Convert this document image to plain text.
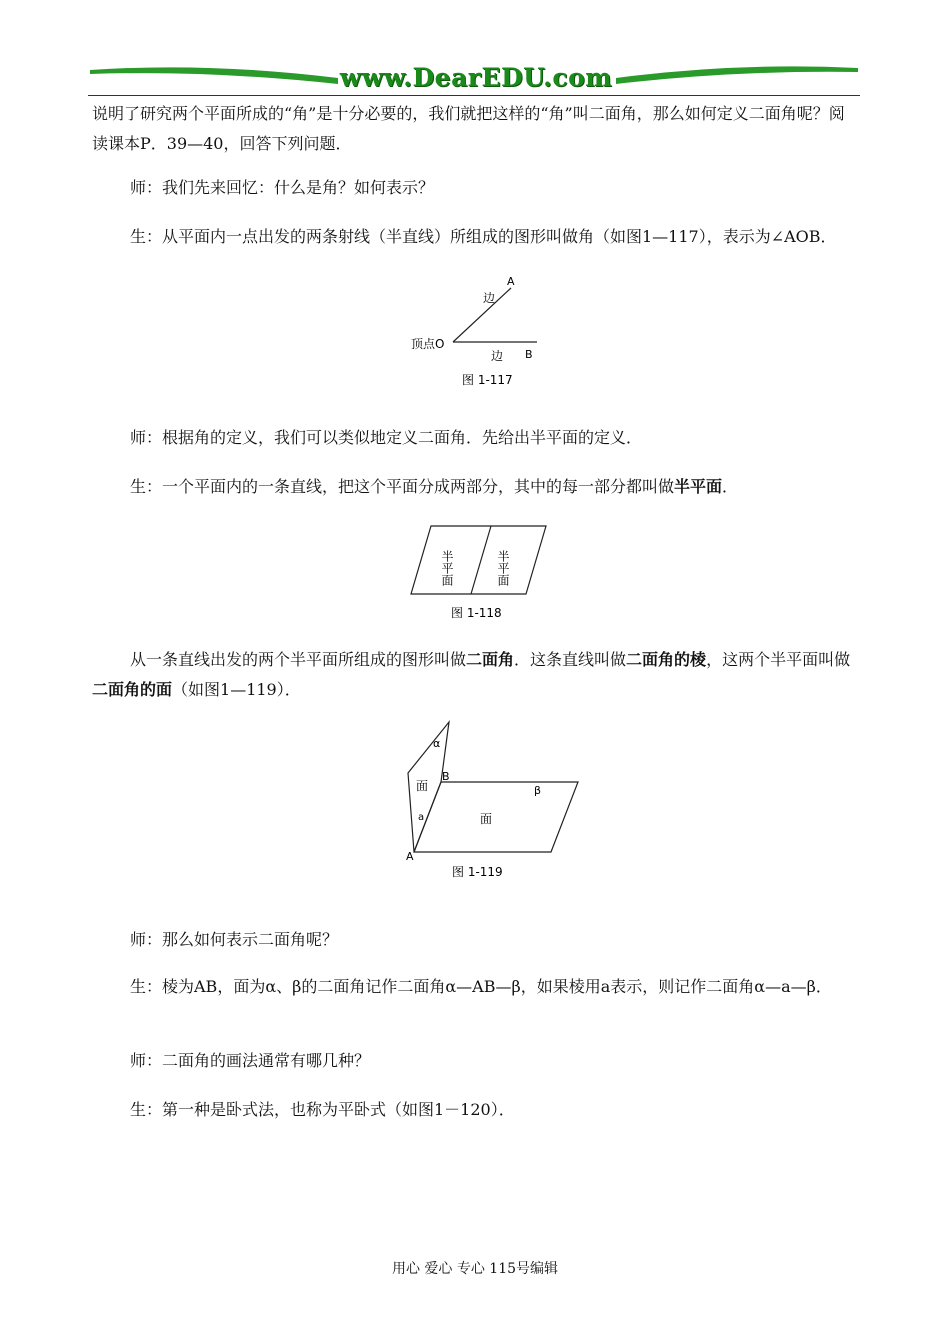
www.DearEDU.com

说明了研究两个平面所成的“角”是十分必要的，我们就把这样的“角”叫二面角，那么如何定义二面角呢？阅读课本P．39—40，回答下列问题．

师：我们先来回忆：什么是角？如何表示？

生：从平面内一点出发的两条射线（半直线）所组成的图形叫做角（如图1—117），表示为∠AOB．

A
边
顶点O
边 B
图 1-117

师：根据角的定义，我们可以类似地定义二面角．先给出半平面的定义．

生：一个平面内的一条直线，把这个平面分成两部分，其中的每一部分都叫做半平面．

半平面	半平面
图 1-118

从一条直线出发的两个半平面所组成的图形叫做二面角．这条直线叫做二面角的棱，这两个半平面叫做二面角的面（如图1—119）．

α
面
B
β
a	面
A
图 1-119

师：那么如何表示二面角呢？

生：棱为AB，面为α、β的二面角记作二面角α—AB—β，如果棱用a表示，则记作二面角α—a—β．

师：二面角的画法通常有哪几种？

生：第一种是卧式法，也称为平卧式（如图1－120）．

用心 爱心 专心 115号编辑
